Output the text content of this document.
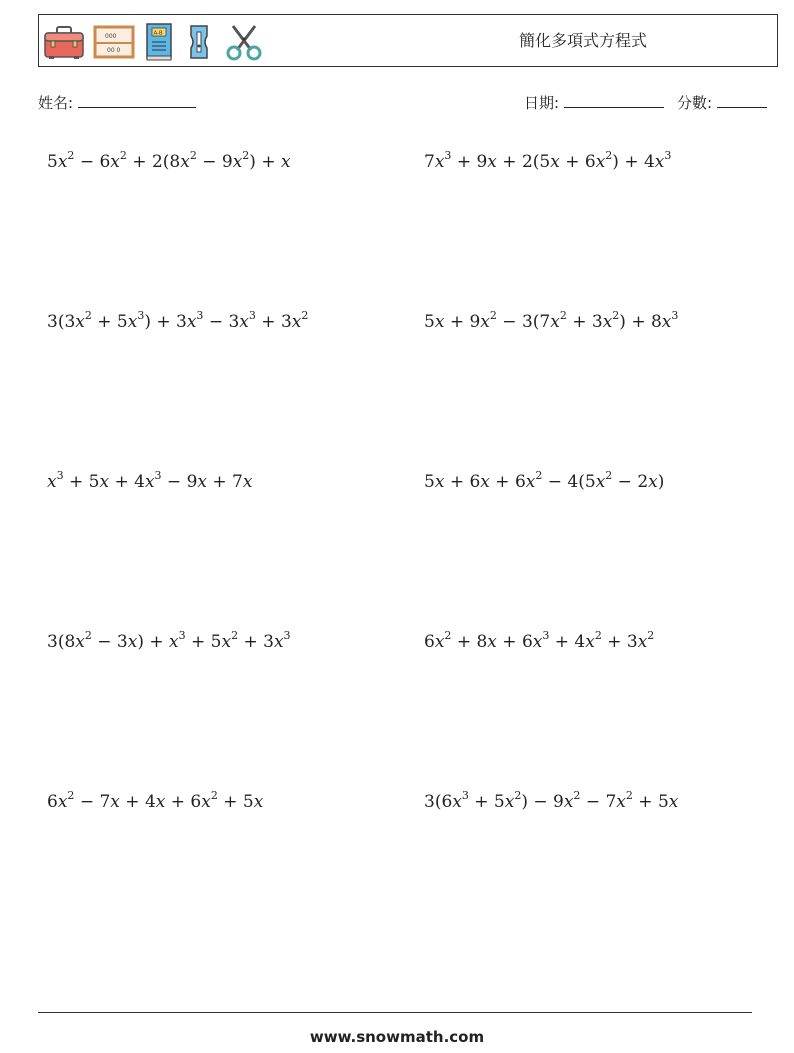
000
00 0
A-B	簡化多項式方程式
姓名:	日期:	分數:
$5x^2 - 6x^2 + 2(8x^2 - 9x^2) + x$	$7x^3 + 9x + 2(5x + 6x^2) + 4x^3$
$3(3x^2 + 5x^3) + 3x^3 - 3x^3 + 3x^2$	$5x + 9x^2 - 3(7x^2 + 3x^2) + 8x^3$
$x^3 + 5x + 4x^3 - 9x + 7x$	$5x + 6x + 6x^2 - 4(5x^2 - 2x)$
$3(8x^2 - 3x) + x^3 + 5x^2 + 3x^3$	$6x^2 + 8x + 6x^3 + 4x^2 + 3x^2$
$6x^2 - 7x + 4x + 6x^2 + 5x$	$3(6x^3 + 5x^2) - 9x^2 - 7x^2 + 5x$
www.snowmath.com
